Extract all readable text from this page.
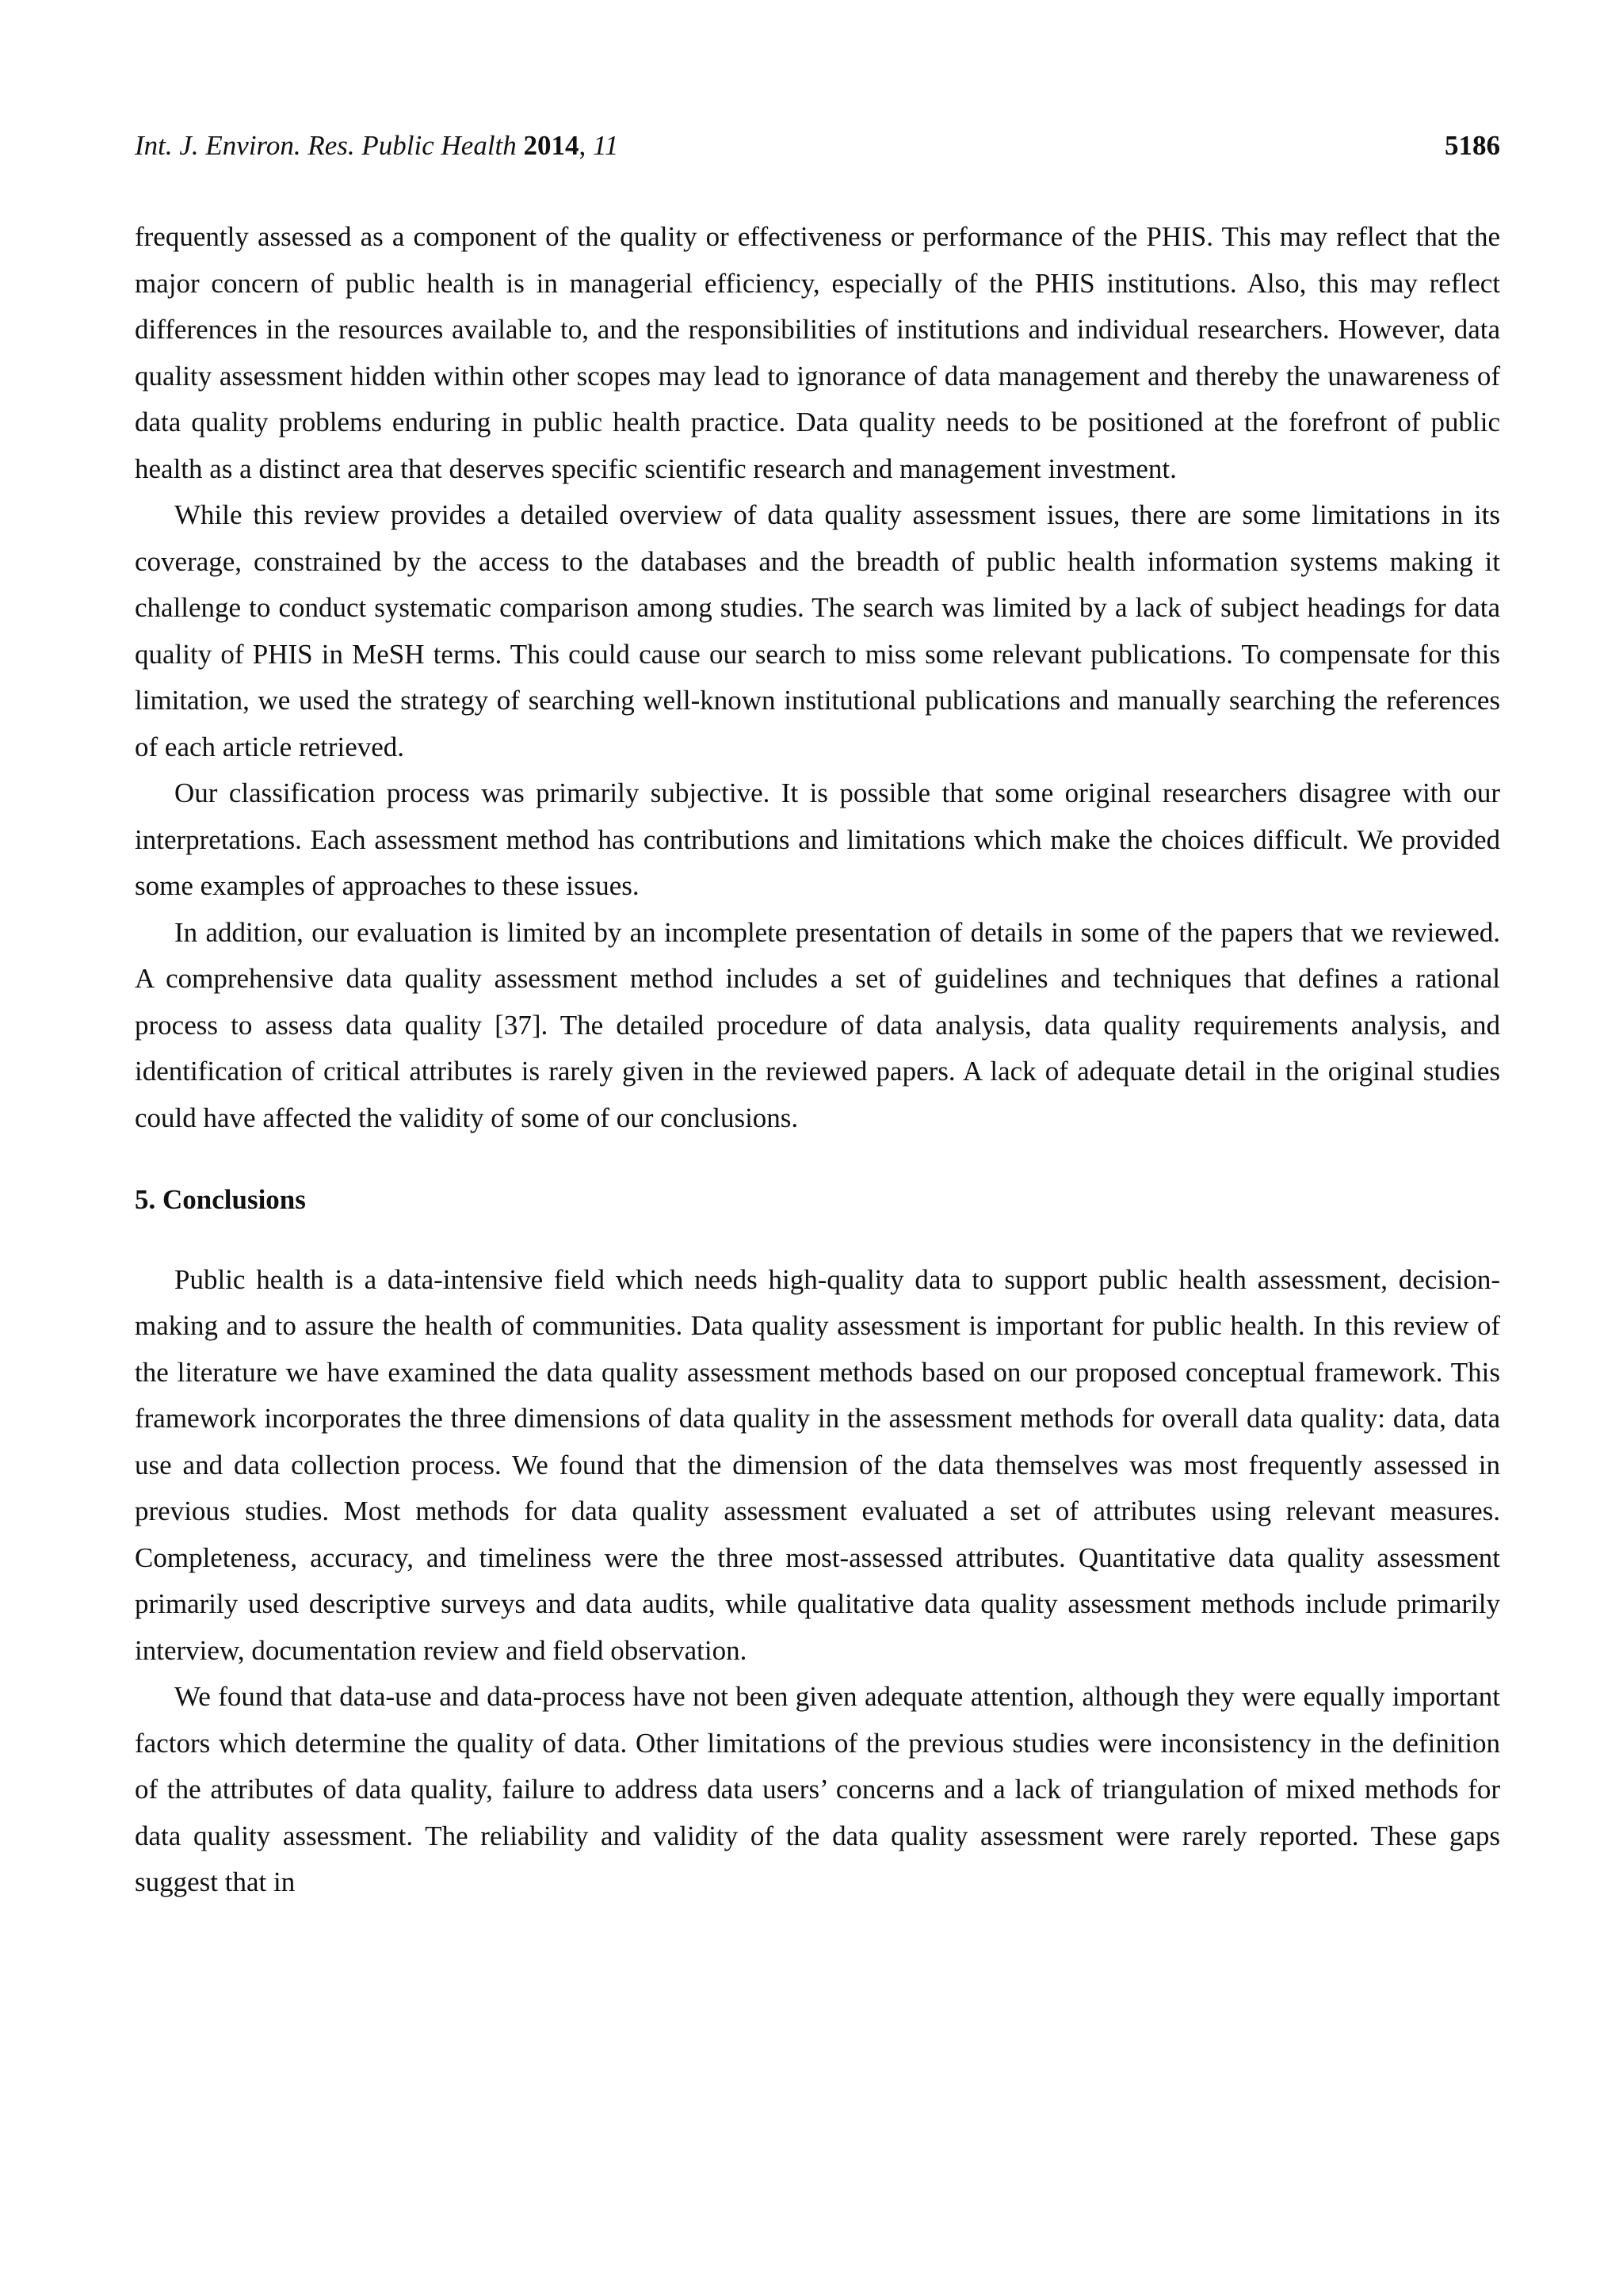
Int. J. Environ. Res. Public Health 2014, 11	5186

frequently assessed as a component of the quality or effectiveness or performance of the PHIS. This may reflect that the major concern of public health is in managerial efficiency, especially of the PHIS institutions. Also, this may reflect differences in the resources available to, and the responsibilities of institutions and individual researchers. However, data quality assessment hidden within other scopes may lead to ignorance of data management and thereby the unawareness of data quality problems enduring in public health practice. Data quality needs to be positioned at the forefront of public health as a distinct area that deserves specific scientific research and management investment.

While this review provides a detailed overview of data quality assessment issues, there are some limitations in its coverage, constrained by the access to the databases and the breadth of public health information systems making it challenge to conduct systematic comparison among studies. The search was limited by a lack of subject headings for data quality of PHIS in MeSH terms. This could cause our search to miss some relevant publications. To compensate for this limitation, we used the strategy of searching well-known institutional publications and manually searching the references of each article retrieved.

Our classification process was primarily subjective. It is possible that some original researchers disagree with our interpretations. Each assessment method has contributions and limitations which make the choices difficult. We provided some examples of approaches to these issues.

In addition, our evaluation is limited by an incomplete presentation of details in some of the papers that we reviewed. A comprehensive data quality assessment method includes a set of guidelines and techniques that defines a rational process to assess data quality [37]. The detailed procedure of data analysis, data quality requirements analysis, and identification of critical attributes is rarely given in the reviewed papers. A lack of adequate detail in the original studies could have affected the validity of some of our conclusions.

5. Conclusions

Public health is a data-intensive field which needs high-quality data to support public health assessment, decision-making and to assure the health of communities. Data quality assessment is important for public health. In this review of the literature we have examined the data quality assessment methods based on our proposed conceptual framework. This framework incorporates the three dimensions of data quality in the assessment methods for overall data quality: data, data use and data collection process. We found that the dimension of the data themselves was most frequently assessed in previous studies. Most methods for data quality assessment evaluated a set of attributes using relevant measures. Completeness, accuracy, and timeliness were the three most-assessed attributes. Quantitative data quality assessment primarily used descriptive surveys and data audits, while qualitative data quality assessment methods include primarily interview, documentation review and field observation.

We found that data-use and data-process have not been given adequate attention, although they were equally important factors which determine the quality of data. Other limitations of the previous studies were inconsistency in the definition of the attributes of data quality, failure to address data users’ concerns and a lack of triangulation of mixed methods for data quality assessment. The reliability and validity of the data quality assessment were rarely reported. These gaps suggest that in
